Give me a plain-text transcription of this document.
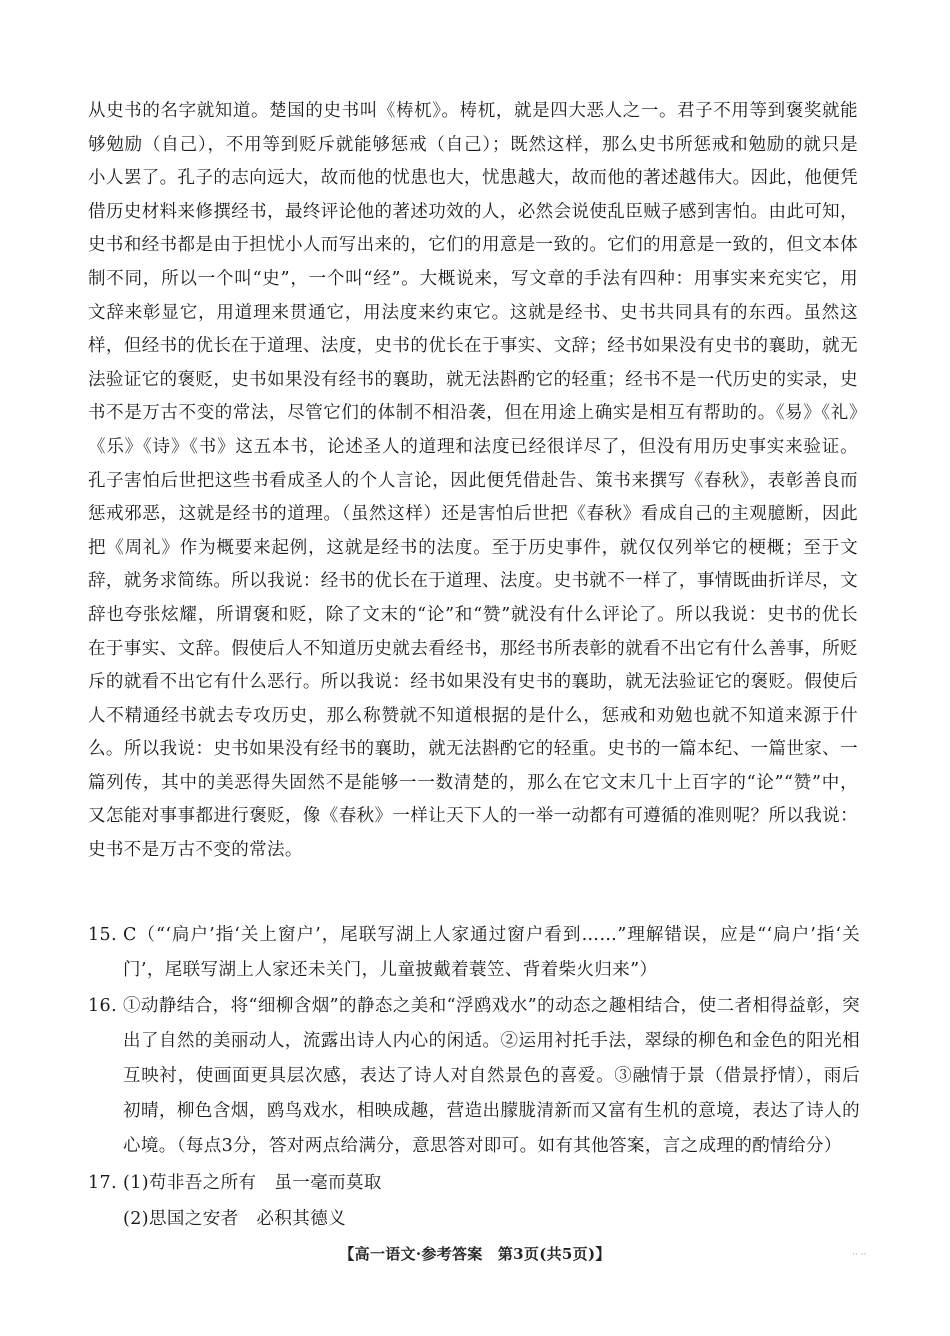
从史书的名字就知道。楚国的史书叫《梼杌》。梼杌，就是四大恶人之一。君子不用等到褒奖就能够勉励（自己），不用等到贬斥就能够惩戒（自己）；既然这样，那么史书所惩戒和勉励的就只是小人罢了。孔子的志向远大，故而他的忧患也大，忧患越大，故而他的著述越伟大。因此，他便凭借历史材料来修撰经书，最终评论他的著述功效的人，必然会说使乱臣贼子感到害怕。由此可知，史书和经书都是由于担忧小人而写出来的，它们的用意是一致的。它们的用意是一致的，但文本体制不同，所以一个叫“史”，一个叫“经”。大概说来，写文章的手法有四种：用事实来充实它，用文辞来彰显它，用道理来贯通它，用法度来约束它。这就是经书、史书共同具有的东西。虽然这样，但经书的优长在于道理、法度，史书的优长在于事实、文辞；经书如果没有史书的襄助，就无法验证它的褒贬，史书如果没有经书的襄助，就无法斟酌它的轻重；经书不是一代历史的实录，史书不是万古不变的常法，尽管它们的体制不相沿袭，但在用途上确实是相互有帮助的。《易》《礼》《乐》《诗》《书》这五本书，论述圣人的道理和法度已经很详尽了，但没有用历史事实来验证。孔子害怕后世把这些书看成圣人的个人言论，因此便凭借赴告、策书来撰写《春秋》，表彰善良而惩戒邪恶，这就是经书的道理。（虽然这样）还是害怕后世把《春秋》看成自己的主观臆断，因此把《周礼》作为概要来起例，这就是经书的法度。至于历史事件，就仅仅列举它的梗概；至于文辞，就务求简练。所以我说：经书的优长在于道理、法度。史书就不一样了，事情既曲折详尽，文辞也夸张炫耀，所谓褒和贬，除了文末的“论”和“赞”就没有什么评论了。所以我说：史书的优长在于事实、文辞。假使后人不知道历史就去看经书，那经书所表彰的就看不出它有什么善事，所贬斥的就看不出它有什么恶行。所以我说：经书如果没有史书的襄助，就无法验证它的褒贬。假使后人不精通经书就去专攻历史，那么称赞就不知道根据的是什么，惩戒和劝勉也就不知道来源于什么。所以我说：史书如果没有经书的襄助，就无法斟酌它的轻重。史书的一篇本纪、一篇世家、一篇列传，其中的美恶得失固然不是能够一一数清楚的，那么在它文末几十上百字的“论”“赞”中，又怎能对事事都进行褒贬，像《春秋》一样让天下人的一举一动都有可遵循的准则呢？所以我说：史书不是万古不变的常法。
15. C（“‘扃户’指‘关上窗户’，尾联写湖上人家通过窗户看到……”理解错误，应是“‘扃户’指‘关门’，尾联写湖上人家还未关门，儿童披戴着蓑笠、背着柴火归来”）
16. ①动静结合，将“细柳含烟”的静态之美和“浮鸥戏水”的动态之趣相结合，使二者相得益彰，突出了自然的美丽动人，流露出诗人内心的闲适。②运用衬托手法，翠绿的柳色和金色的阳光相互映衬，使画面更具层次感，表达了诗人对自然景色的喜爱。③融情于景（借景抒情），雨后初晴，柳色含烟，鸥鸟戏水，相映成趣，营造出朦胧清新而又富有生机的意境，表达了诗人的心境。（每点3分，答对两点给满分，意思答对即可。如有其他答案，言之成理的酌情给分）
17. (1)苟非吾之所有 虽一毫而莫取
(2)思国之安者 必积其德义
【高一语文·参考答案　第3页(共5页)】	·· ··
